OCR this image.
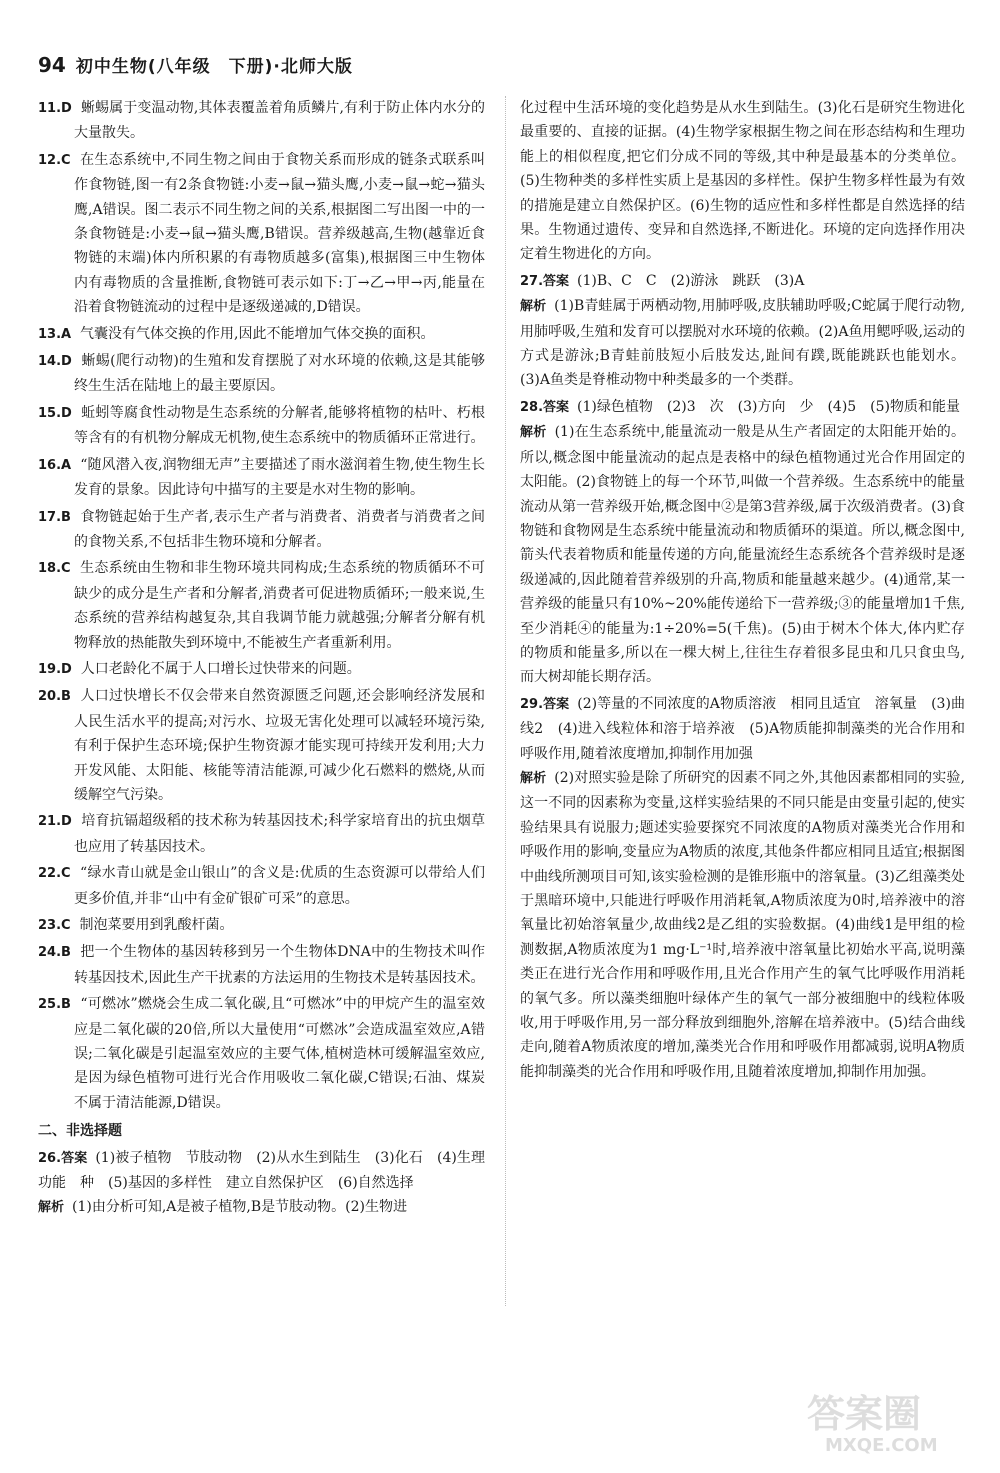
94 初中生物(八年级　下册)·北师大版
11.D 蜥蜴属于变温动物,其体表覆盖着角质鳞片,有利于防止体内水分的大量散失。
12.C 在生态系统中,不同生物之间由于食物关系而形成的链条式联系叫作食物链,图一有2条食物链:小麦→鼠→猫头鹰,小麦→鼠→蛇→猫头鹰,A错误。图二表示不同生物之间的关系,根据图二写出图一中的一条食物链是:小麦→鼠→猫头鹰,B错误。营养级越高,生物(越靠近食物链的末端)体内所积累的有毒物质越多(富集),根据图三中生物体内有毒物质的含量推断,食物链可表示如下:丁→乙→甲→丙,能量在沿着食物链流动的过程中是逐级递减的,D错误。
13.A 气囊没有气体交换的作用,因此不能增加气体交换的面积。
14.D 蜥蜴(爬行动物)的生殖和发育摆脱了对水环境的依赖,这是其能够终生生活在陆地上的最主要原因。
15.D 蚯蚓等腐食性动物是生态系统的分解者,能够将植物的枯叶、朽根等含有的有机物分解成无机物,使生态系统中的物质循环正常进行。
16.A “随风潜入夜,润物细无声”主要描述了雨水滋润着生物,使生物生长发育的景象。因此诗句中描写的主要是水对生物的影响。
17.B 食物链起始于生产者,表示生产者与消费者、消费者与消费者之间的食物关系,不包括非生物环境和分解者。
18.C 生态系统由生物和非生物环境共同构成;生态系统的物质循环不可缺少的成分是生产者和分解者,消费者可促进物质循环;一般来说,生态系统的营养结构越复杂,其自我调节能力就越强;分解者分解有机物释放的热能散失到环境中,不能被生产者重新利用。
19.D 人口老龄化不属于人口增长过快带来的问题。
20.B 人口过快增长不仅会带来自然资源匮乏问题,还会影响经济发展和人民生活水平的提高;对污水、垃圾无害化处理可以减轻环境污染,有利于保护生态环境;保护生物资源才能实现可持续开发利用;大力开发风能、太阳能、核能等清洁能源,可减少化石燃料的燃烧,从而缓解空气污染。
21.D 培育抗镉超级稻的技术称为转基因技术;科学家培育出的抗虫烟草也应用了转基因技术。
22.C “绿水青山就是金山银山”的含义是:优质的生态资源可以带给人们更多价值,并非“山中有金矿银矿可采”的意思。
23.C 制泡菜要用到乳酸杆菌。
24.B 把一个生物体的基因转移到另一个生物体DNA中的生物技术叫作转基因技术,因此生产干扰素的方法运用的生物技术是转基因技术。
25.B “可燃冰”燃烧会生成二氧化碳,且“可燃冰”中的甲烷产生的温室效应是二氧化碳的20倍,所以大量使用“可燃冰”会造成温室效应,A错误;二氧化碳是引起温室效应的主要气体,植树造林可缓解温室效应,是因为绿色植物可进行光合作用吸收二氧化碳,C错误;石油、煤炭不属于清洁能源,D错误。
二、非选择题
26.答案 (1)被子植物　节肢动物　(2)从水生到陆生　(3)化石　(4)生理功能　种　(5)基因的多样性　建立自然保护区　(6)自然选择
解析 (1)由分析可知,A是被子植物,B是节肢动物。(2)生物进
化过程中生活环境的变化趋势是从水生到陆生。(3)化石是研究生物进化最重要的、直接的证据。(4)生物学家根据生物之间在形态结构和生理功能上的相似程度,把它们分成不同的等级,其中种是最基本的分类单位。(5)生物种类的多样性实质上是基因的多样性。保护生物多样性最为有效的措施是建立自然保护区。(6)生物的适应性和多样性都是自然选择的结果。生物通过遗传、变异和自然选择,不断进化。环境的定向选择作用决定着生物进化的方向。
27.答案 (1)B、C　C　(2)游泳　跳跃　(3)A
解析 (1)B青蛙属于两栖动物,用肺呼吸,皮肤辅助呼吸;C蛇属于爬行动物,用肺呼吸,生殖和发育可以摆脱对水环境的依赖。(2)A鱼用鳃呼吸,运动的方式是游泳;B青蛙前肢短小后肢发达,趾间有蹼,既能跳跃也能划水。(3)A鱼类是脊椎动物中种类最多的一个类群。
28.答案 (1)绿色植物　(2)3　次　(3)方向　少　(4)5　(5)物质和能量
解析 (1)在生态系统中,能量流动一般是从生产者固定的太阳能开始的。所以,概念图中能量流动的起点是表格中的绿色植物通过光合作用固定的太阳能。(2)食物链上的每一个环节,叫做一个营养级。生态系统中的能量流动从第一营养级开始,概念图中②是第3营养级,属于次级消费者。(3)食物链和食物网是生态系统中能量流动和物质循环的渠道。所以,概念图中,箭头代表着物质和能量传递的方向,能量流经生态系统各个营养级时是逐级递减的,因此随着营养级别的升高,物质和能量越来越少。(4)通常,某一营养级的能量只有10%~20%能传递给下一营养级;③的能量增加1千焦,至少消耗④的能量为:1÷20%=5(千焦)。(5)由于树木个体大,体内贮存的物质和能量多,所以在一棵大树上,往往生存着很多昆虫和几只食虫鸟,而大树却能长期存活。
29.答案 (2)等量的不同浓度的A物质溶液　相同且适宜　溶氧量　(3)曲线2　(4)进入线粒体和溶于培养液　(5)A物质能抑制藻类的光合作用和呼吸作用,随着浓度增加,抑制作用加强
解析 (2)对照实验是除了所研究的因素不同之外,其他因素都相同的实验,这一不同的因素称为变量,这样实验结果的不同只能是由变量引起的,使实验结果具有说服力;题述实验要探究不同浓度的A物质对藻类光合作用和呼吸作用的影响,变量应为A物质的浓度,其他条件都应相同且适宜;根据图中曲线所测项目可知,该实验检测的是锥形瓶中的溶氧量。(3)乙组藻类处于黑暗环境中,只能进行呼吸作用消耗氧,A物质浓度为0时,培养液中的溶氧量比初始溶氧量少,故曲线2是乙组的实验数据。(4)曲线1是甲组的检测数据,A物质浓度为1 mg·L⁻¹时,培养液中溶氧量比初始水平高,说明藻类正在进行光合作用和呼吸作用,且光合作用产生的氧气比呼吸作用消耗的氧气多。所以藻类细胞叶绿体产生的氧气一部分被细胞中的线粒体吸收,用于呼吸作用,另一部分释放到细胞外,溶解在培养液中。(5)结合曲线走向,随着A物质浓度的增加,藻类光合作用和呼吸作用都减弱,说明A物质能抑制藻类的光合作用和呼吸作用,且随着浓度增加,抑制作用加强。
答案圈
MXQE.COM
